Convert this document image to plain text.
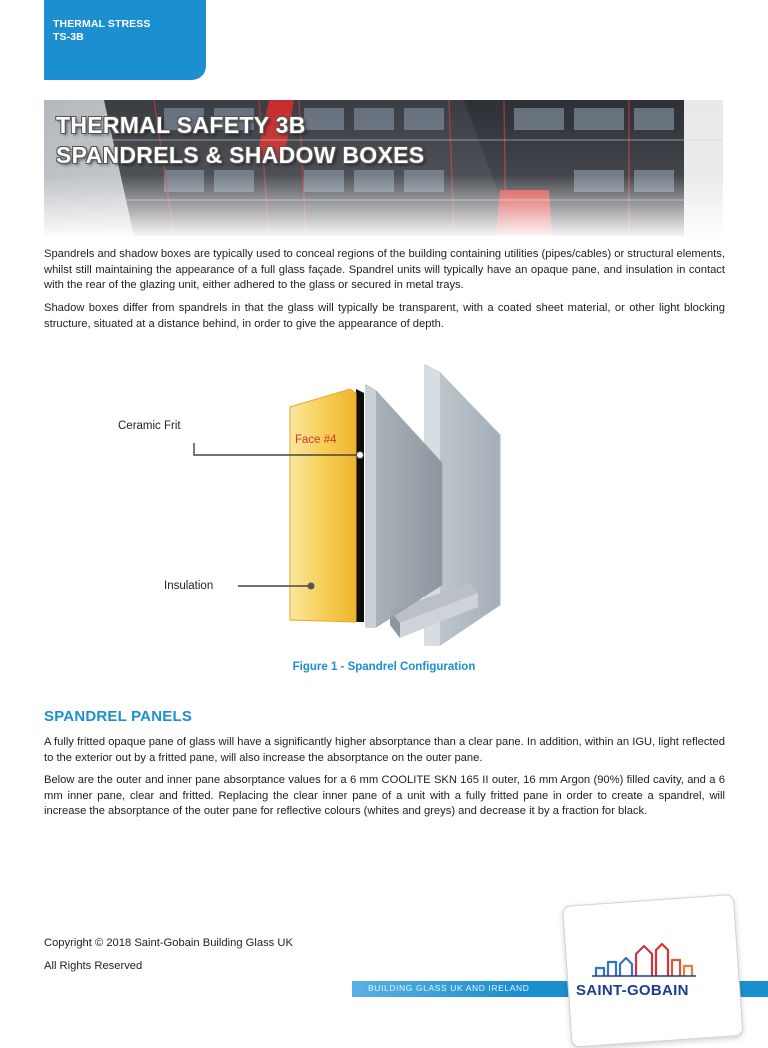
THERMAL STRESS
TS-3B
THERMAL SAFETY 3B
SPANDRELS & SHADOW BOXES

Spandrels and shadow boxes are typically used to conceal regions of the building containing utilities (pipes/cables) or structural elements, whilst still maintaining the appearance of a full glass façade. Spandrel units will typically have an opaque pane, and insulation in contact with the rear of the glazing unit, either adhered to the glass or secured in metal trays.

Shadow boxes differ from spandrels in that the glass will typically be transparent, with a coated sheet material, or other light blocking structure, situated at a distance behind, in order to give the appearance of depth.

Ceramic Frit
Face #4
Insulation
Figure 1 - Spandrel Configuration
SPANDREL PANELS

A fully fritted opaque pane of glass will have a significantly higher absorptance than a clear pane. In addition, within an IGU, light reflected to the exterior out by a fritted pane, will also increase the absorptance on the outer pane.

Below are the outer and inner pane absorptance values for a 6 mm COOLITE SKN 165 II outer, 16 mm Argon (90%) filled cavity, and a 6 mm inner pane, clear and fritted. Replacing the clear inner pane of a unit with a fully fritted pane in order to create a spandrel, will increase the absorptance of the outer pane for reflective colours (whites and greys) and decrease it by a fraction for black.

Copyright © 2018 Saint-Gobain Building Glass UK
All Rights Reserved
BUILDING GLASS UK AND IRELAND	SAINT-GOBAIN
